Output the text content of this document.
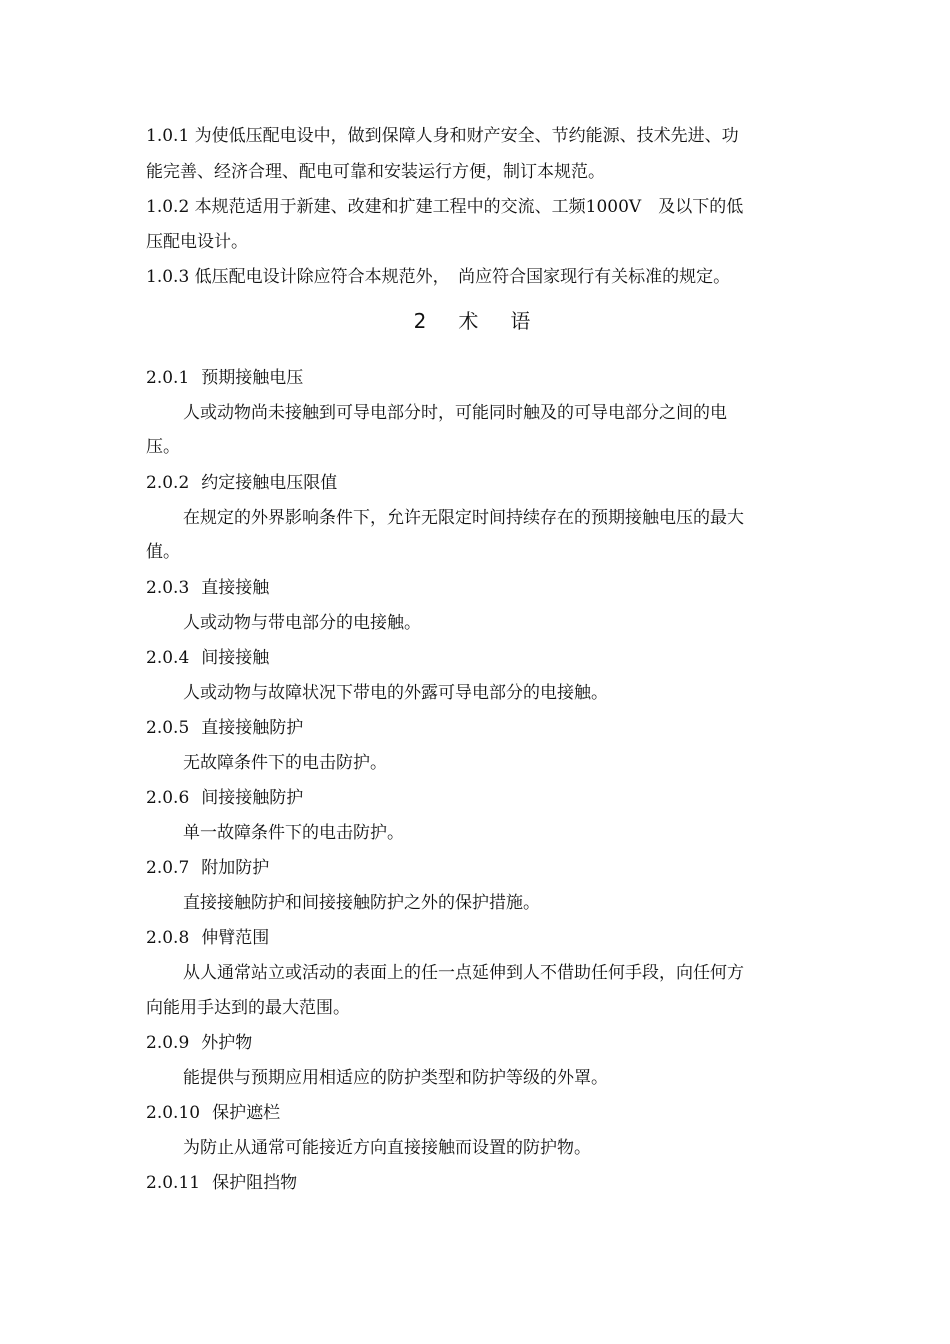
1.0.1 为使低压配电设中，做到保障人身和财产安全、节约能源、技术先进、功
能完善、经济合理、配电可靠和安装运行方便，制订本规范。
1.0.2 本规范适用于新建、改建和扩建工程中的交流、工频1000V　及以下的低
压配电设计。
1.0.3 低压配电设计除应符合本规范外，　尚应符合国家现行有关标准的规定。
2　术　语
2.0.1 预期接触电压
人或动物尚未接触到可导电部分时，可能同时触及的可导电部分之间的电
压。
2.0.2 约定接触电压限值
在规定的外界影响条件下，允许无限定时间持续存在的预期接触电压的最大
值。
2.0.3 直接接触
人或动物与带电部分的电接触。
2.0.4 间接接触
人或动物与故障状况下带电的外露可导电部分的电接触。
2.0.5 直接接触防护
无故障条件下的电击防护。
2.0.6 间接接触防护
单一故障条件下的电击防护。
2.0.7 附加防护
直接接触防护和间接接触防护之外的保护措施。
2.0.8 伸臂范围
从人通常站立或活动的表面上的任一点延伸到人不借助任何手段，向任何方
向能用手达到的最大范围。
2.0.9 外护物
能提供与预期应用相适应的防护类型和防护等级的外罩。
2.0.10 保护遮栏
为防止从通常可能接近方向直接接触而设置的防护物。
2.0.11 保护阻挡物
